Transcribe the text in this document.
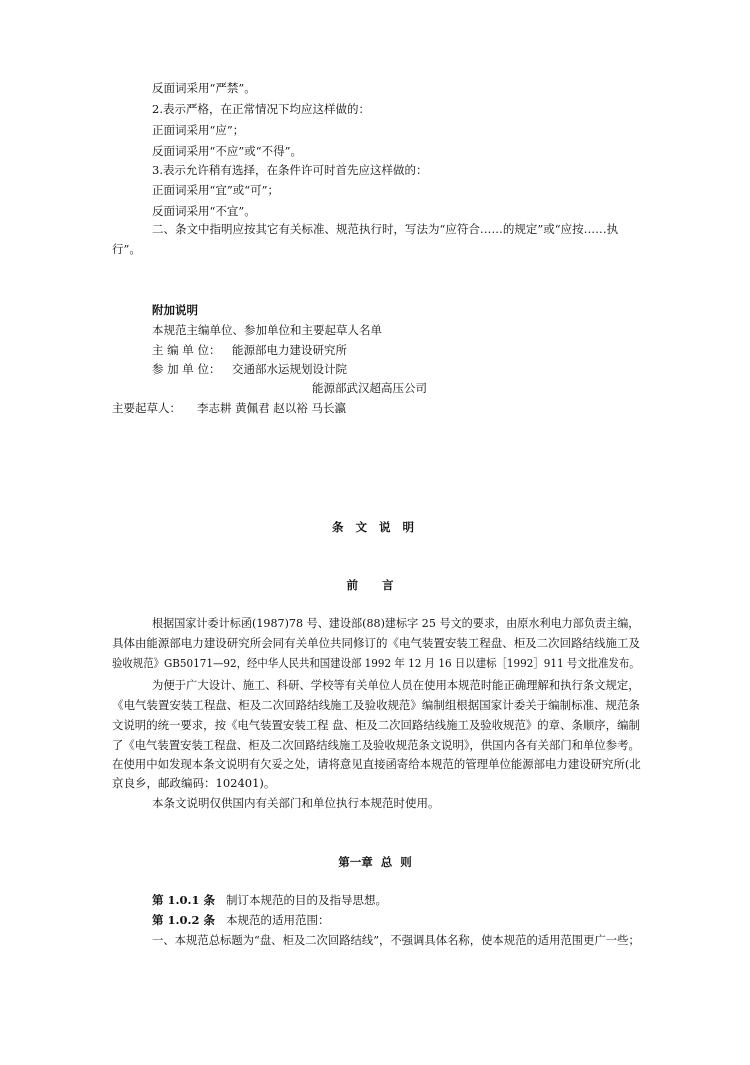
反面词采用“严禁”。
2.表示严格，在正常情况下均应这样做的：
正面词采用“应”；
反面词采用“不应”或“不得”。
3.表示允许稍有选择，在条件许可时首先应这样做的：
正面词采用“宜”或“可”；
反面词采用“不宜”。
二、条文中指明应按其它有关标准、规范执行时，写法为“应符合……的规定”或“应按……执
行”。
附加说明
本规范主编单位、参加单位和主要起草人名单
主 编 单 位： 能源部电力建设研究所
参 加 单 位： 交通部水运规划设计院
能源部武汉超高压公司
主要起草人： 李志耕 黄佩君 赵以裕 马长瀛
条 文 说 明
前 言
根据国家计委计标函(1987)78 号、建设部(88)建标字 25 号文的要求，由原水利电力部负责主编，
具体由能源部电力建设研究所会同有关单位共同修订的《电气装置安装工程盘、柜及二次回路结线施工及
验收规范》GB50171—92，经中华人民共和国建设部 1992 年 12 月 16 日以建标［1992］911 号文批准发布。
为便于广大设计、施工、科研、学校等有关单位人员在使用本规范时能正确理解和执行条文规定，
《电气装置安装工程盘、柜及二次回路结线施工及验收规范》编制组根据国家计委关于编制标准、规范条
文说明的统一要求，按《电气装置安装工程 盘、柜及二次回路结线施工及验收规范》的章、条顺序，编制
了《电气装置安装工程盘、柜及二次回路结线施工及验收规范条文说明》，供国内各有关部门和单位参考。
在使用中如发现本条文说明有欠妥之处，请将意见直接函寄给本规范的管理单位能源部电力建设研究所(北
京良乡，邮政编码：102401)。
本条文说明仅供国内有关部门和单位执行本规范时使用。
第一章  总  则
第 1.0.1 条 制订本规范的目的及指导思想。
第 1.0.2 条 本规范的适用范围：
一、本规范总标题为“盘、柜及二次回路结线”，不强调具体名称，使本规范的适用范围更广一些；
